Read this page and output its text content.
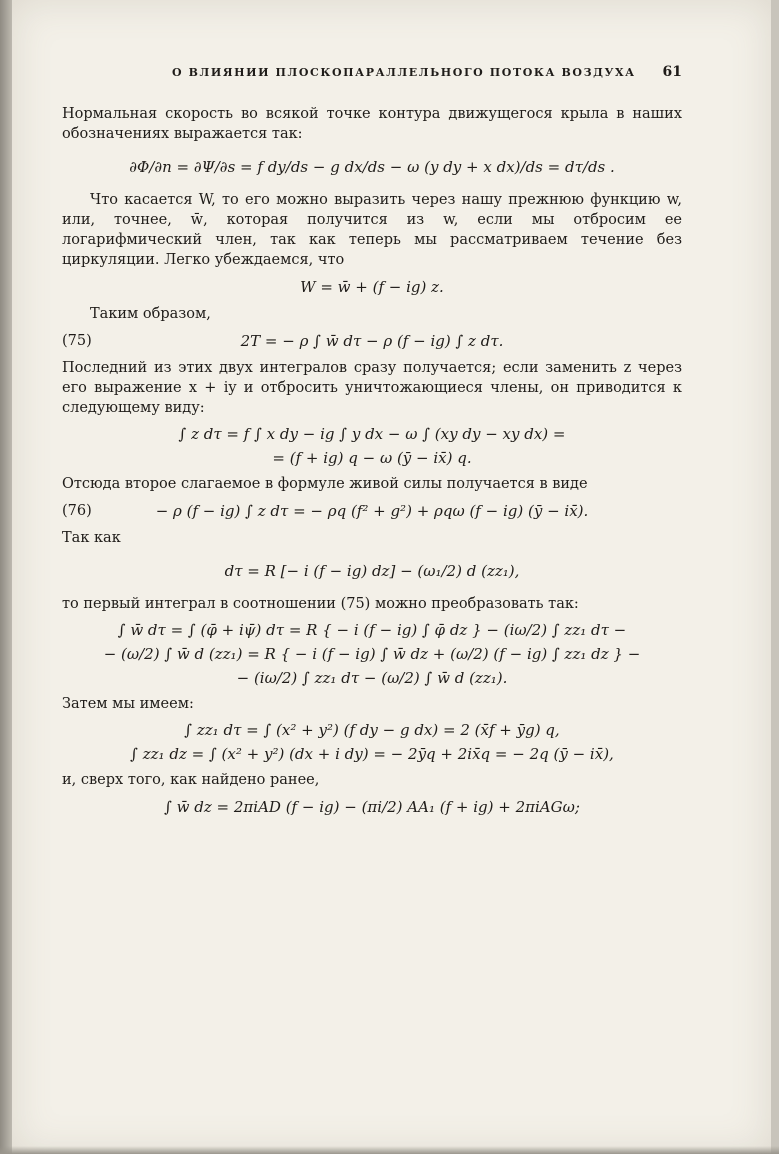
О ВЛИЯНИИ ПЛОСКОПАРАЛЛЕЛЬНОГО ПОТОКА ВОЗДУХА 61

Нормальная скорость во всякой точке контура движущегося крыла в наших обозначениях выражается так:

∂Φ/∂n = ∂Ψ/∂s = f dy/ds − g dx/ds − ω (y dy + x dx)/ds = dτ/ds .

Что касается W, то его можно выразить через нашу прежнюю функцию w, или, точнее, w̄, которая получится из w, если мы отбросим ее логарифмический член, так как теперь мы рассматриваем течение без циркуляции. Легко убеждаемся, что

W = w̄ + (f − ig) z.

Таким образом,

(75)	2T = − ρ ∫ w̄ dτ − ρ (f − ig) ∫ z dτ.

Последний из этих двух интегралов сразу получается; если заменить z через его выражение x + iy и отбросить уничтожающиеся члены, он приводится к следующему виду:

∫ z dτ = f ∫ x dy − ig ∫ y dx − ω ∫ (xy dy − xy dx) =
= (f + ig) q − ω (ȳ − ix̄) q.

Отсюда второе слагаемое в формуле живой силы получается в виде

(76)	− ρ (f − ig) ∫ z dτ = − ρq (f² + g²) + ρqω (f − ig) (ȳ − ix̄).

Так как

dτ = R [− i (f − ig) dz] − (ω₁/2) d (zz₁),

то первый интеграл в соотношении (75) можно преобразовать так:

∫ w̄ dτ = ∫ (φ̄ + iψ̄) dτ = R { − i (f − ig) ∫ φ̄ dz } − (iω/2) ∫ zz₁ dτ −
− (ω/2) ∫ w̄ d (zz₁) = R { − i (f − ig) ∫ w̄ dz + (ω/2) (f − ig) ∫ zz₁ dz } −
− (iω/2) ∫ zz₁ dτ − (ω/2) ∫ w̄ d (zz₁).

Затем мы имеем:

∫ zz₁ dτ = ∫ (x² + y²) (f dy − g dx) = 2 (x̄f + ȳg) q,
∫ zz₁ dz = ∫ (x² + y²) (dx + i dy) = − 2ȳq + 2ix̄q = − 2q (ȳ − ix̄),

и, сверх того, как найдено ранее,

∫ w̄ dz = 2πiAD (f − ig) − (πi/2) AA₁ (f + ig) + 2πiAGω;
